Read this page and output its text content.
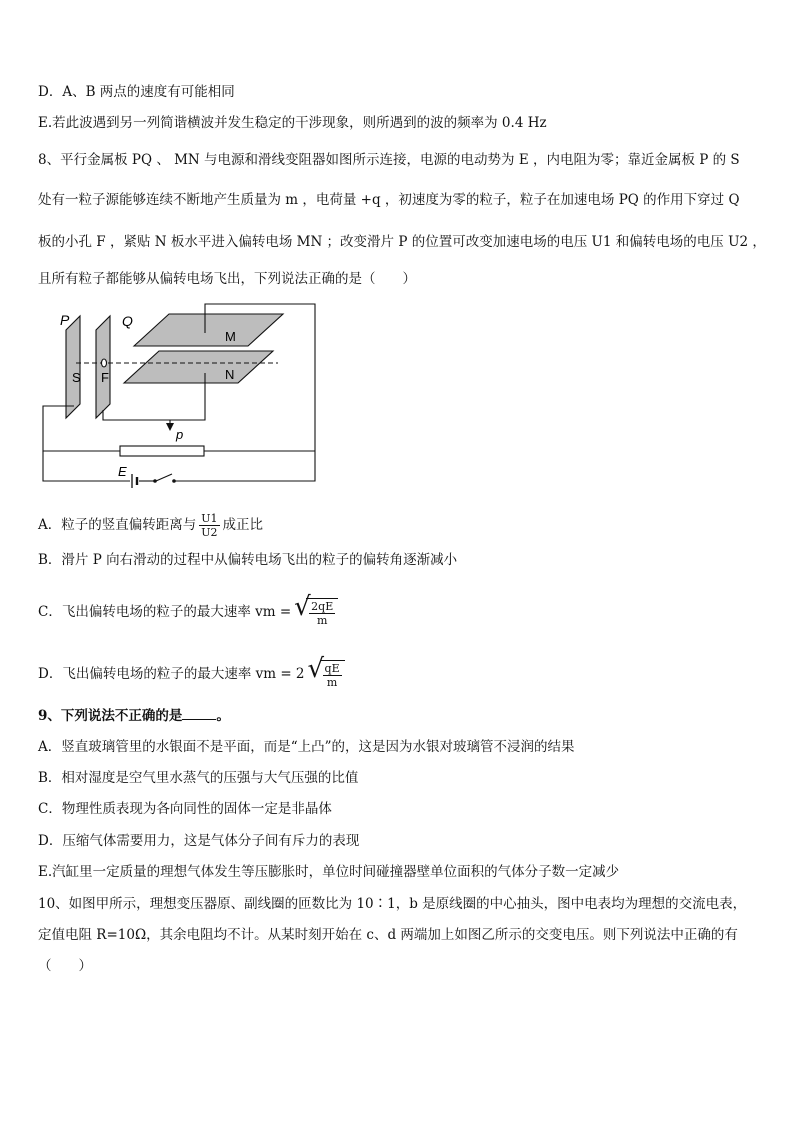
D．A、B 两点的速度有可能相同
E.若此波遇到另一列简谐横波并发生稳定的干涉现象，则所遇到的波的频率为 0.4 Hz
8、平行金属板 PQ 、 MN 与电源和滑线变阻器如图所示连接，电源的电动势为 E ，内电阻为零；靠近金属板 P 的 S
处有一粒子源能够连续不断地产生质量为 m ，电荷量 +q ，初速度为零的粒子，粒子在加速电场 PQ 的作用下穿过 Q
板的小孔 F ，紧贴 N 板水平进入偏转电场 MN ；改变滑片 P 的位置可改变加速电场的电压 U1 和偏转电场的电压 U2 ，
且所有粒子都能够从偏转电场飞出，下列说法正确的是（　　）
P	Q
M
N
S F
p
E
A．粒子的竖直偏转距离与 $\frac{U1}{U2}$ 成正比
B．滑片 P 向右滑动的过程中从偏转电场飞出的粒子的偏转角逐渐减小
C．飞出偏转电场的粒子的最大速率 vm = √
$\frac{2qE}{m}$
D．飞出偏转电场的粒子的最大速率 vm = 2 √
$\frac{qE}{m}$
9、下列说法不正确的是	。
A．竖直玻璃管里的水银面不是平面，而是“上凸”的，这是因为水银对玻璃管不浸润的结果
B．相对湿度是空气里水蒸气的压强与大气压强的比值
C．物理性质表现为各向同性的固体一定是非晶体
D．压缩气体需要用力，这是气体分子间有斥力的表现
E.汽缸里一定质量的理想气体发生等压膨胀时，单位时间碰撞器壁单位面积的气体分子数一定减少
10、如图甲所示，理想变压器原、副线圈的匝数比为 10∶1，b 是原线圈的中心抽头，图中电表均为理想的交流电表，
定值电阻 R=10Ω，其余电阻均不计。从某时刻开始在 c、d 两端加上如图乙所示的交变电压。则下列说法中正确的有
（　　）
